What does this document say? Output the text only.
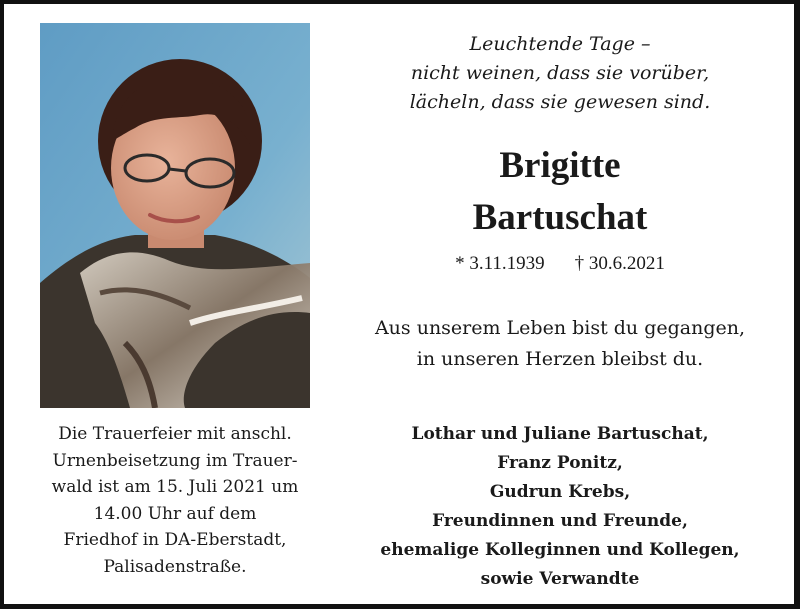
Leuchtende Tage –
nicht weinen, dass sie vorüber,
lächeln, dass sie gewesen sind.
Brigitte
Bartuschat
* 3.11.1939 † 30.6.2021
Aus unserem Leben bist du gegangen,
in unseren Herzen bleibst du.
Die Trauerfeier mit anschl.
Urnenbeisetzung im Trauer-
wald ist am 15. Juli 2021 um
14.00 Uhr auf dem
Friedhof in DA-Eberstadt,
Palisadenstraße.
Lothar und Juliane Bartuschat,
Franz Ponitz,
Gudrun Krebs,
Freundinnen und Freunde,
ehemalige Kolleginnen und Kollegen,
sowie Verwandte
